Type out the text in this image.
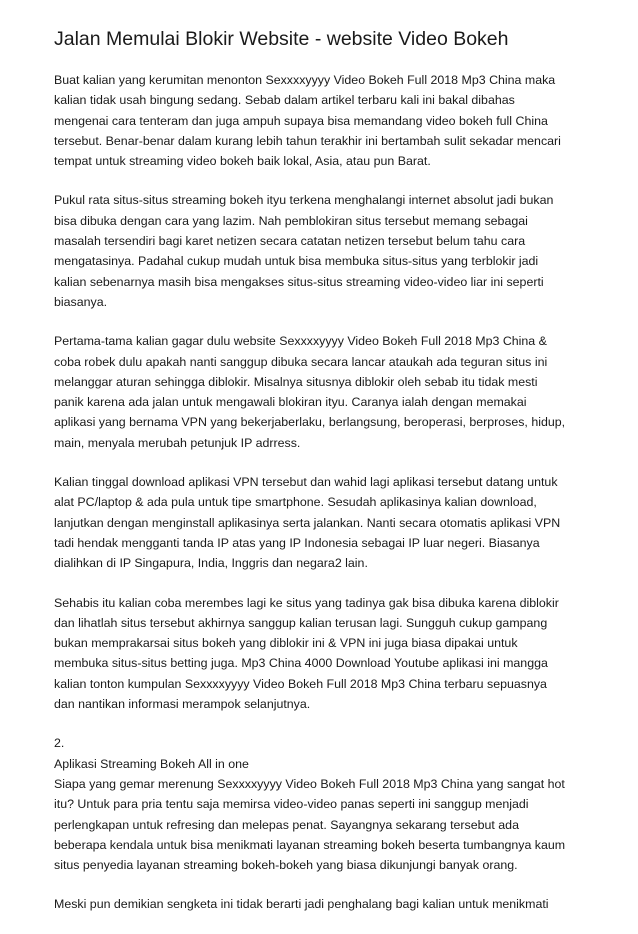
Jalan Memulai Blokir Website - website Video Bokeh

Buat kalian yang kerumitan menonton Sexxxxyyyy Video Bokeh Full 2018 Mp3 China maka
kalian tidak usah bingung sedang. Sebab dalam artikel terbaru kali ini bakal dibahas
mengenai cara tenteram dan juga ampuh supaya bisa memandang video bokeh full China
tersebut. Benar-benar dalam kurang lebih tahun terakhir ini bertambah sulit sekadar mencari
tempat untuk streaming video bokeh baik lokal, Asia, atau pun Barat.

Pukul rata situs-situs streaming bokeh ityu terkena menghalangi internet absolut jadi bukan
bisa dibuka dengan cara yang lazim. Nah pemblokiran situs tersebut memang sebagai
masalah tersendiri bagi karet netizen secara catatan netizen tersebut belum tahu cara
mengatasinya. Padahal cukup mudah untuk bisa membuka situs-situs yang terblokir jadi
kalian sebenarnya masih bisa mengakses situs-situs streaming video-video liar ini seperti
biasanya.

Pertama-tama kalian gagar dulu website Sexxxxyyyy Video Bokeh Full 2018 Mp3 China &
coba robek dulu apakah nanti sanggup dibuka secara lancar ataukah ada teguran situs ini
melanggar aturan sehingga diblokir. Misalnya situsnya diblokir oleh sebab itu tidak mesti
panik karena ada jalan untuk mengawali blokiran ityu. Caranya ialah dengan memakai
aplikasi yang bernama VPN yang bekerjaberlaku, berlangsung, beroperasi, berproses, hidup,
main, menyala merubah petunjuk IP adrress.

Kalian tinggal download aplikasi VPN tersebut dan wahid lagi aplikasi tersebut datang untuk
alat PC/laptop & ada pula untuk tipe smartphone. Sesudah aplikasinya kalian download,
lanjutkan dengan menginstall aplikasinya serta jalankan. Nanti secara otomatis aplikasi VPN
tadi hendak mengganti tanda IP atas yang IP Indonesia sebagai IP luar negeri. Biasanya
dialihkan di IP Singapura, India, Inggris dan negara2 lain.

Sehabis itu kalian coba merembes lagi ke situs yang tadinya gak bisa dibuka karena diblokir
dan lihatlah situs tersebut akhirnya sanggup kalian terusan lagi. Sungguh cukup gampang
bukan memprakarsai situs bokeh yang diblokir ini & VPN ini juga biasa dipakai untuk
membuka situs-situs betting juga. Mp3 China 4000 Download Youtube aplikasi ini mangga
kalian tonton kumpulan Sexxxxyyyy Video Bokeh Full 2018 Mp3 China terbaru sepuasnya
dan nantikan informasi merampok selanjutnya.

2.
Aplikasi Streaming Bokeh All in one
Siapa yang gemar merenung Sexxxxyyyy Video Bokeh Full 2018 Mp3 China yang sangat hot
itu? Untuk para pria tentu saja memirsa video-video panas seperti ini sanggup menjadi
perlengkapan untuk refresing dan melepas penat. Sayangnya sekarang tersebut ada
beberapa kendala untuk bisa menikmati layanan streaming bokeh beserta tumbangnya kaum
situs penyedia layanan streaming bokeh-bokeh yang biasa dikunjungi banyak orang.

Meski pun demikian sengketa ini tidak berarti jadi penghalang bagi kalian untuk menikmati
